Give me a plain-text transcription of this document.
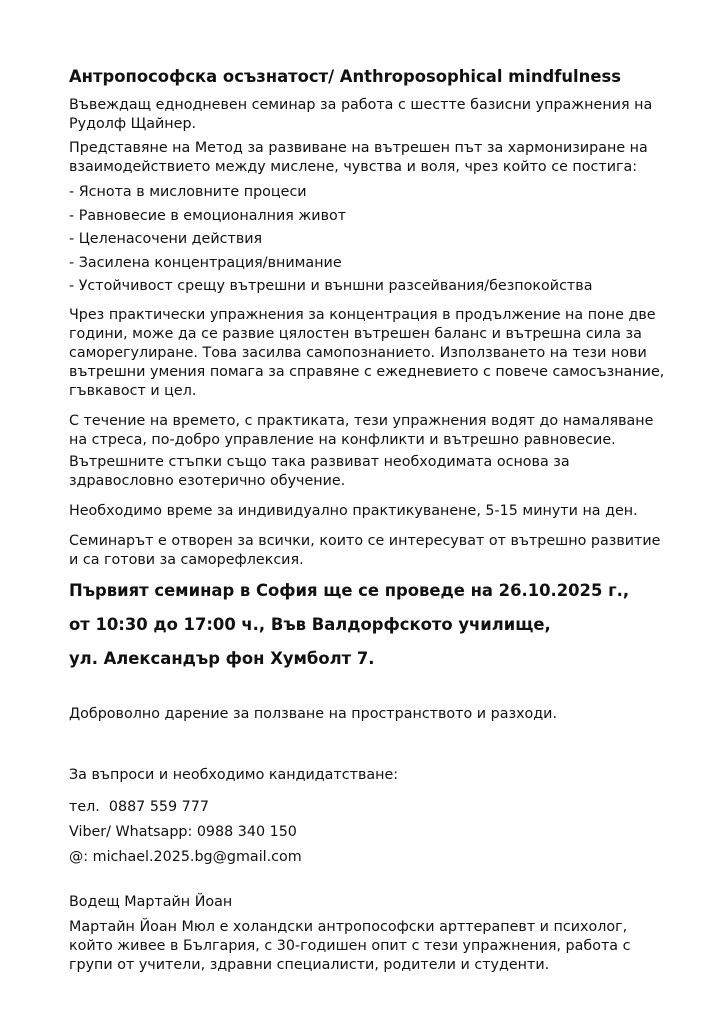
Антропософска осъзнатост/ Anthroposophical mindfulness

Въвеждащ еднодневен семинар за работа с шестте базисни упражнения на Рудолф Щайнер.

Представяне на Метод за развиване на вътрешен път за хармонизиране на взаимодействието между мислене, чувства и воля, чрез който се постига:

- Яснота в мисловните процеси
- Равновесие в емоционалния живот
- Целенасочени действия
- Засилена концентрация/внимание
- Устойчивост срещу вътрешни и външни разсейвания/безпокойства

Чрез практически упражнения за концентрация в продължение на поне две години, може да се развие цялостен вътрешен баланс и вътрешна сила за саморегулиране. Това засилва самопознанието. Използването на тези нови вътрешни умения помага за справяне с ежедневието с повече самосъзнание, гъвкавост и цел.

С течение на времето, с практиката, тези упражнения водят до намаляване на стреса, по-добро управление на конфликти и вътрешно равновесие.

Вътрешните стъпки също така развиват необходимата основа за здравословно езотерично обучение.

Необходимо време за индивидуално практикуванене, 5-15 минути на ден.

Семинарът е отворен за всички, които се интересуват от вътрешно развитие и са готови за саморефлексия.

Първият семинар в София ще се проведе на 26.10.2025 г.,
от 10:30 до 17:00 ч., Във Валдорфското училище,
ул. Александър фон Хумболт 7.

Доброволно дарение за ползване на пространството и разходи.

За въпроси и необходимо кандидатстване:

тел.  0887 559 777
Viber/ Whatsapp: 0988 340 150
@: michael.2025.bg@gmail.com

Водещ Мартайн Йоан

Мартайн Йоан Мюл е холандски антропософски арттерапевт и психолог, който живее в България, с 30-годишен опит с тези упражнения, работа с групи от учители, здравни специалисти, родители и студенти.
